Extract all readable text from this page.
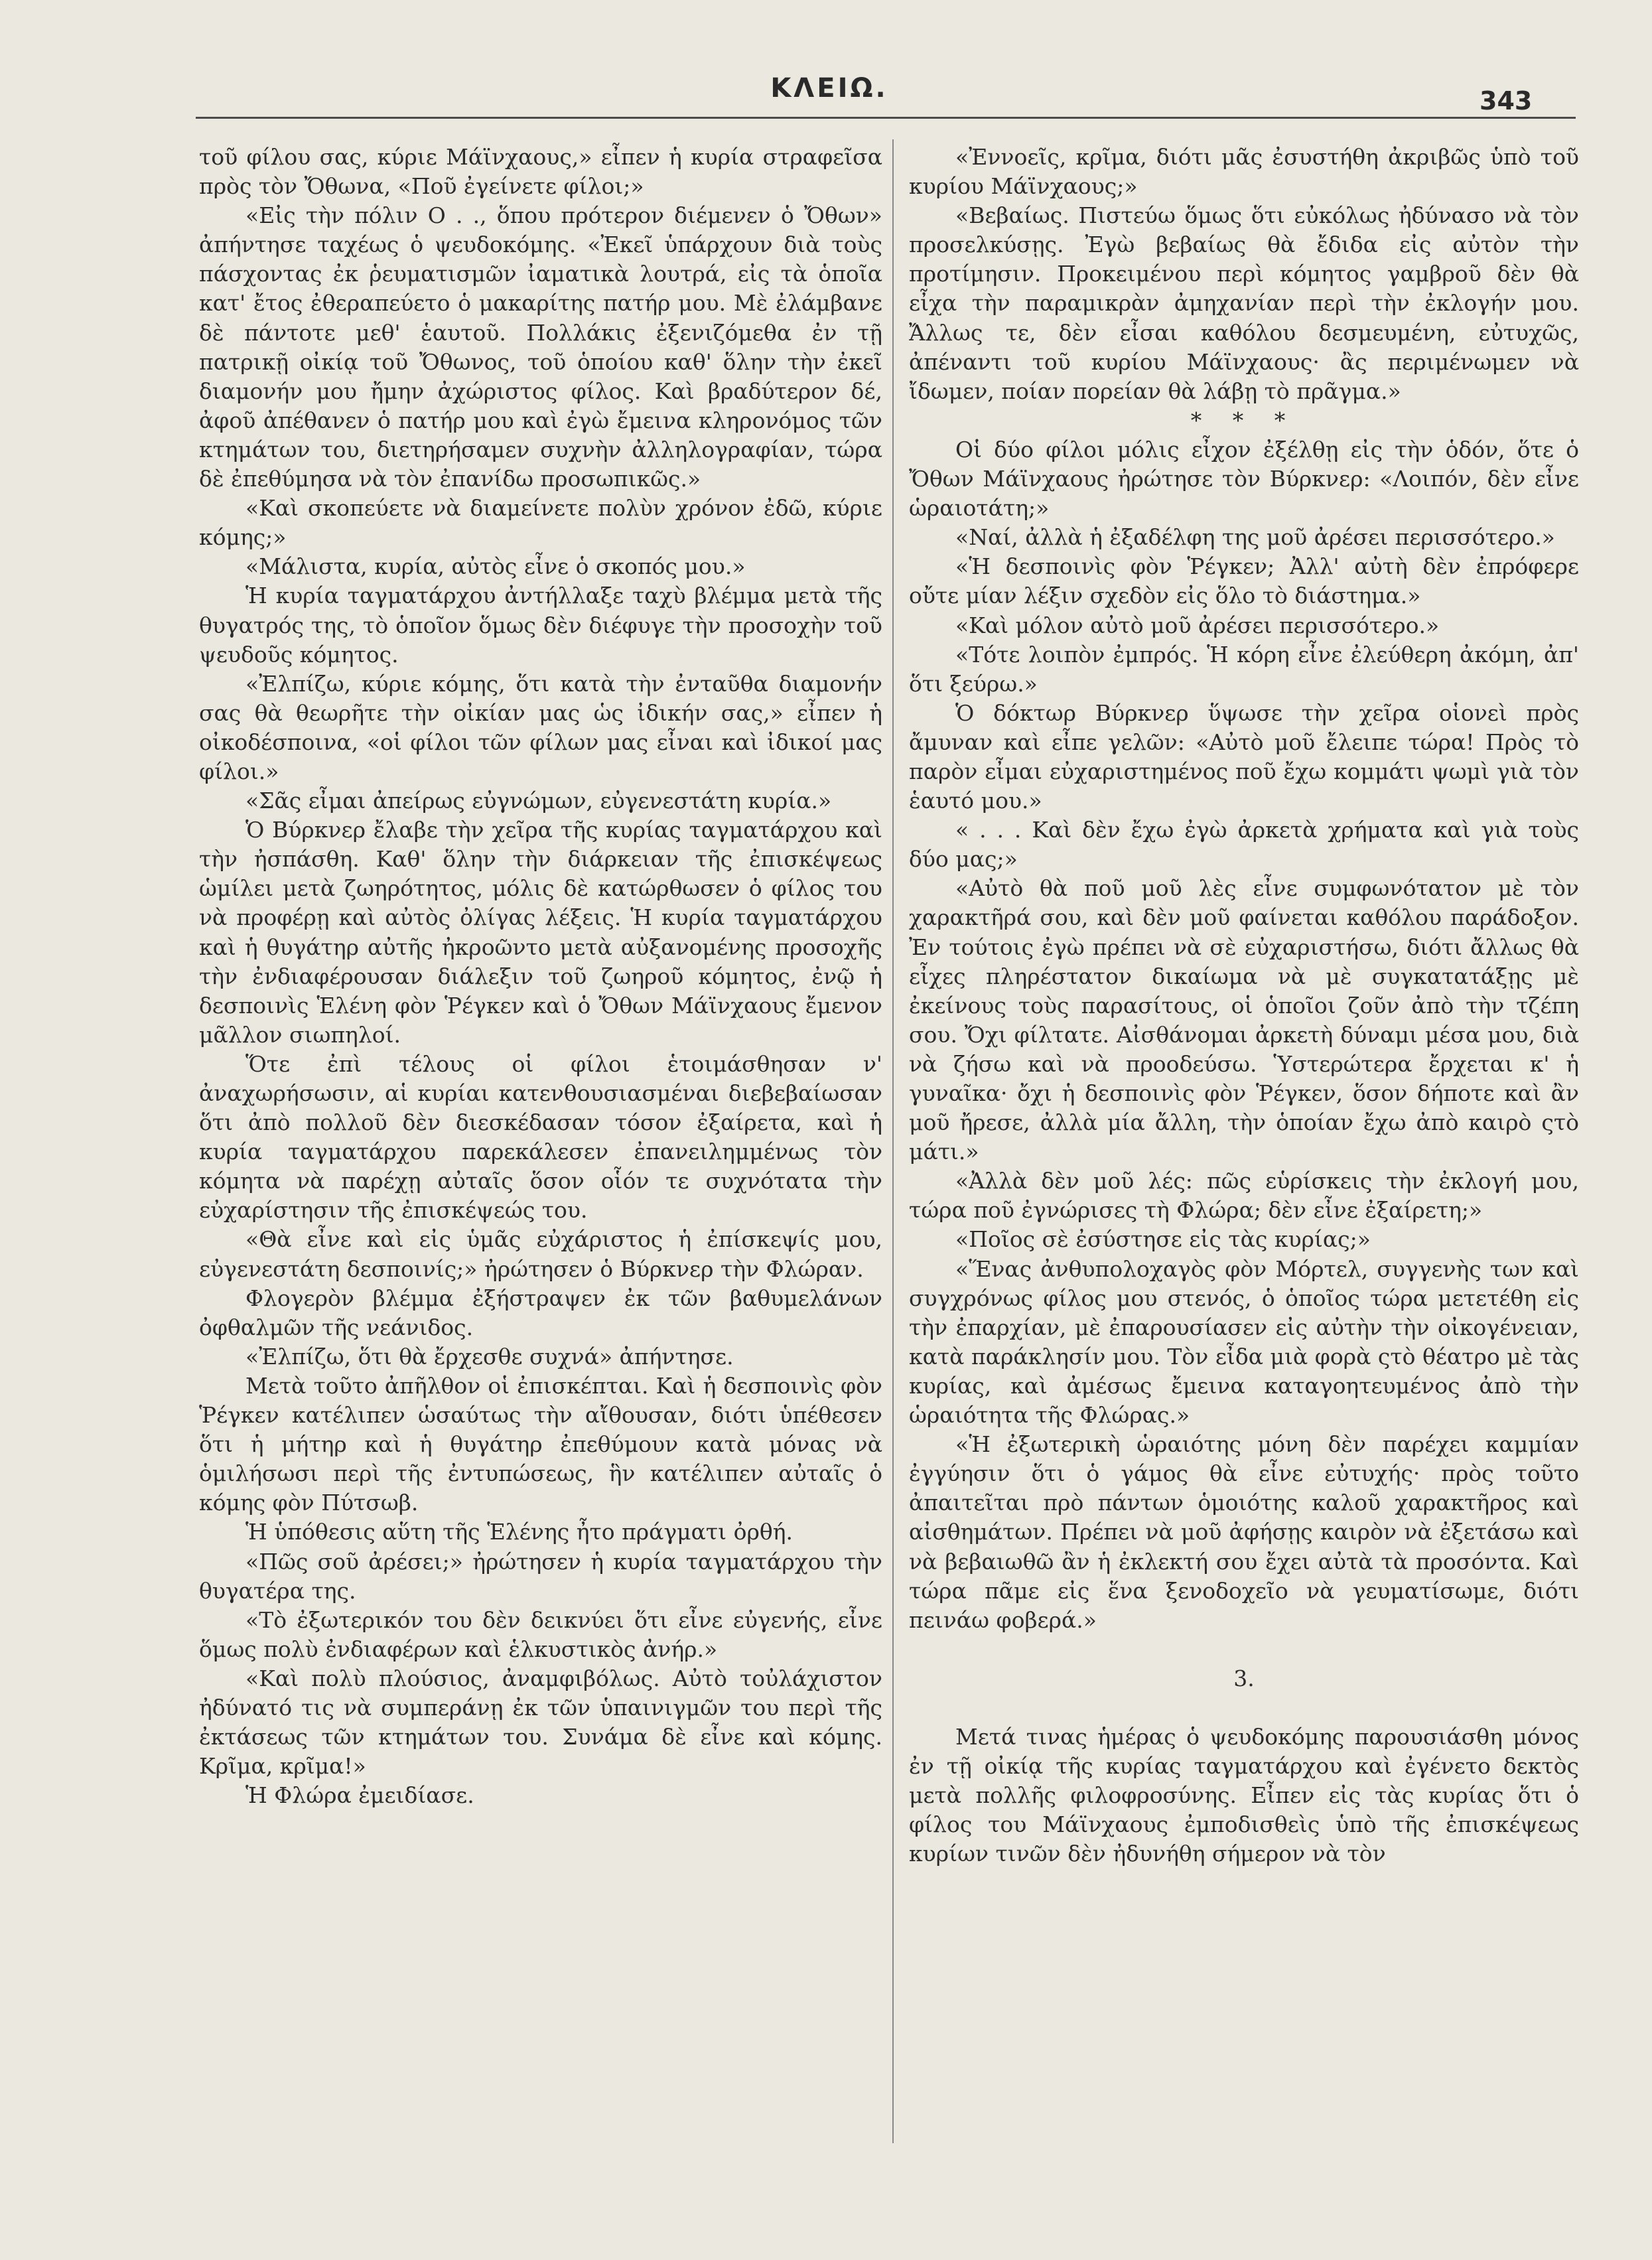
ΚΛΕΙΩ.	343

τοῦ φίλου σας, κύριε Μάϊνχαους,» εἶπεν ἡ κυρία στραφεῖσα πρὸς τὸν Ὄθωνα, «Ποῦ ἐγείνετε φίλοι;»

«Εἰς τὴν πόλιν Ο . ., ὅπου πρότερον διέμενεν ὁ Ὄθων» ἀπήντησε ταχέως ὁ ψευδοκόμης. «Ἐκεῖ ὑπάρχουν διὰ τοὺς πάσχοντας ἐκ ῥευματισμῶν ἰαματικὰ λουτρά, εἰς τὰ ὁποῖα κατ' ἔτος ἐθεραπεύετο ὁ μακαρίτης πατήρ μου. Μὲ ἐλάμβανε δὲ πάντοτε μεθ' ἑαυτοῦ. Πολλάκις ἐξενιζόμεθα ἐν τῇ πατρικῇ οἰκίᾳ τοῦ Ὄθωνος, τοῦ ὁποίου καθ' ὅλην τὴν ἐκεῖ διαμονήν μου ἤμην ἀχώριστος φίλος. Καὶ βραδύτερον δέ, ἀφοῦ ἀπέθανεν ὁ πατήρ μου καὶ ἐγὼ ἔμεινα κληρονόμος τῶν κτημάτων του, διετηρήσαμεν συχνὴν ἀλληλογραφίαν, τώρα δὲ ἐπεθύμησα νὰ τὸν ἐπανίδω προσωπικῶς.»

«Καὶ σκοπεύετε νὰ διαμείνετε πολὺν χρόνον ἐδῶ, κύριε κόμης;»

«Μάλιστα, κυρία, αὐτὸς εἶνε ὁ σκοπός μου.»

Ἡ κυρία ταγματάρχου ἀντήλλαξε ταχὺ βλέμμα μετὰ τῆς θυγατρός της, τὸ ὁποῖον ὅμως δὲν διέφυγε τὴν προσοχὴν τοῦ ψευδοῦς κόμητος.

«Ἐλπίζω, κύριε κόμης, ὅτι κατὰ τὴν ἐνταῦθα διαμονήν σας θὰ θεωρῆτε τὴν οἰκίαν μας ὡς ἰδικήν σας,» εἶπεν ἡ οἰκοδέσποινα, «οἱ φίλοι τῶν φίλων μας εἶναι καὶ ἰδικοί μας φίλοι.»

«Σᾶς εἶμαι ἀπείρως εὐγνώμων, εὐγενεστάτη κυρία.»

Ὁ Βύρκνερ ἔλαβε τὴν χεῖρα τῆς κυρίας ταγματάρχου καὶ τὴν ἠσπάσθη. Καθ' ὅλην τὴν διάρκειαν τῆς ἐπισκέψεως ὡμίλει μετὰ ζωηρότητος, μόλις δὲ κατώρθωσεν ὁ φίλος του νὰ προφέρῃ καὶ αὐτὸς ὀλίγας λέξεις. Ἡ κυρία ταγματάρχου καὶ ἡ θυγάτηρ αὐτῆς ἠκροῶντο μετὰ αὐξανομένης προσοχῆς τὴν ἐνδιαφέρουσαν διάλεξιν τοῦ ζωηροῦ κόμητος, ἐνῷ ἡ δεσποινὶς Ἑλένη φὸν Ῥέγκεν καὶ ὁ Ὄθων Μάϊνχαους ἔμενον μᾶλλον σιωπηλοί.

Ὅτε ἐπὶ τέλους οἱ φίλοι ἑτοιμάσθησαν ν' ἀναχωρήσωσιν, αἱ κυρίαι κατενθουσιασμέναι διεβεβαίωσαν ὅτι ἀπὸ πολλοῦ δὲν διεσκέδασαν τόσον ἐξαίρετα, καὶ ἡ κυρία ταγματάρχου παρεκάλεσεν ἐπανειλημμένως τὸν κόμητα νὰ παρέχῃ αὐταῖς ὅσον οἷόν τε συχνότατα τὴν εὐχαρίστησιν τῆς ἐπισκέψεώς του.

«Θὰ εἶνε καὶ εἰς ὑμᾶς εὐχάριστος ἡ ἐπίσκεψίς μου, εὐγενεστάτη δεσποινίς;» ἠρώτησεν ὁ Βύρκνερ τὴν Φλώραν.

Φλογερὸν βλέμμα ἐξήστραψεν ἐκ τῶν βαθυμελάνων ὀφθαλμῶν τῆς νεάνιδος.

«Ἐλπίζω, ὅτι θὰ ἔρχεσθε συχνά» ἀπήντησε.

Μετὰ τοῦτο ἀπῆλθον οἱ ἐπισκέπται. Καὶ ἡ δεσποινὶς φὸν Ῥέγκεν κατέλιπεν ὡσαύτως τὴν αἴθουσαν, διότι ὑπέθεσεν ὅτι ἡ μήτηρ καὶ ἡ θυγάτηρ ἐπεθύμουν κατὰ μόνας νὰ ὁμιλήσωσι περὶ τῆς ἐντυπώσεως, ἣν κατέλιπεν αὐταῖς ὁ κόμης φὸν Πύτσωβ.

Ἡ ὑπόθεσις αὕτη τῆς Ἑλένης ἦτο πράγματι ὀρθή.

«Πῶς σοῦ ἀρέσει;» ἠρώτησεν ἡ κυρία ταγματάρχου τὴν θυγατέρα της.

«Τὸ ἐξωτερικόν του δὲν δεικνύει ὅτι εἶνε εὐγενής, εἶνε ὅμως πολὺ ἐνδιαφέρων καὶ ἑλκυστικὸς ἀνήρ.»

«Καὶ πολὺ πλούσιος, ἀναμφιβόλως. Αὐτὸ τοὐλάχιστον ἠδύνατό τις νὰ συμπεράνῃ ἐκ τῶν ὑπαινιγμῶν του περὶ τῆς ἐκτάσεως τῶν κτημάτων του. Συνάμα δὲ εἶνε καὶ κόμης. Κρῖμα, κρῖμα!»

Ἡ Φλώρα ἐμειδίασε.

«Ἐννοεῖς, κρῖμα, διότι μᾶς ἐσυστήθη ἀκριβῶς ὑπὸ τοῦ κυρίου Μάϊνχαους;»

«Βεβαίως. Πιστεύω ὅμως ὅτι εὐκόλως ἠδύνασο νὰ τὸν προσελκύσῃς. Ἐγὼ βεβαίως θὰ ἔδιδα εἰς αὐτὸν τὴν προτίμησιν. Προκειμένου περὶ κόμητος γαμβροῦ δὲν θὰ εἶχα τὴν παραμικρὰν ἀμηχανίαν περὶ τὴν ἐκλογήν μου. Ἄλλως τε, δὲν εἶσαι καθόλου δεσμευμένη, εὐτυχῶς, ἀπέναντι τοῦ κυρίου Μάϊνχαους· ἂς περιμένωμεν νὰ ἴδωμεν, ποίαν πορείαν θὰ λάβῃ τὸ πρᾶγμα.»

* * *

Οἱ δύο φίλοι μόλις εἶχον ἐξέλθῃ εἰς τὴν ὁδόν, ὅτε ὁ Ὄθων Μάϊνχαους ἠρώτησε τὸν Βύρκνερ: «Λοιπόν, δὲν εἶνε ὡραιοτάτη;»

«Ναί, ἀλλὰ ἡ ἐξαδέλφη της μοῦ ἀρέσει περισσότερο.»

«Ἡ δεσποινὶς φὸν Ῥέγκεν; Ἀλλ' αὐτὴ δὲν ἐπρόφερε οὔτε μίαν λέξιν σχεδὸν εἰς ὅλο τὸ διάστημα.»

«Καὶ μόλον αὐτὸ μοῦ ἀρέσει περισσότερο.»

«Τότε λοιπὸν ἐμπρός. Ἡ κόρη εἶνε ἐλεύθερη ἀκόμη, ἀπ' ὅτι ξεύρω.»

Ὁ δόκτωρ Βύρκνερ ὕψωσε τὴν χεῖρα οἱονεὶ πρὸς ἄμυναν καὶ εἶπε γελῶν: «Αὐτὸ μοῦ ἔλειπε τώρα! Πρὸς τὸ παρὸν εἶμαι εὐχαριστημένος ποῦ ἔχω κομμάτι ψωμὶ γιὰ τὸν ἑαυτό μου.»

« . . . Καὶ δὲν ἔχω ἐγὼ ἀρκετὰ χρήματα καὶ γιὰ τοὺς δύο μας;»

«Αὐτὸ θὰ ποῦ μοῦ λὲς εἶνε συμφωνότατον μὲ τὸν χαρακτῆρά σου, καὶ δὲν μοῦ φαίνεται καθόλου παράδοξον. Ἐν τούτοις ἐγὼ πρέπει νὰ σὲ εὐχαριστήσω, διότι ἄλλως θὰ εἶχες πληρέστατον δικαίωμα νὰ μὲ συγκατατάξῃς μὲ ἐκείνους τοὺς παρασίτους, οἱ ὁποῖοι ζοῦν ἀπὸ τὴν τζέπη σου. Ὄχι φίλτατε. Αἰσθάνομαι ἀρκετὴ δύναμι μέσα μου, διὰ νὰ ζήσω καὶ νὰ προοδεύσω. Ὑστερώτερα ἔρχεται κ' ἡ γυναῖκα· ὄχι ἡ δεσποινὶς φὸν Ῥέγκεν, ὅσον δήποτε καὶ ἂν μοῦ ἤρεσε, ἀλλὰ μία ἄλλη, τὴν ὁποίαν ἔχω ἀπὸ καιρὸ ςτὸ μάτι.»

«Ἀλλὰ δὲν μοῦ λές: πῶς εὑρίσκεις τὴν ἐκλογή μου, τώρα ποῦ ἐγνώρισες τὴ Φλώρα; δὲν εἶνε ἐξαίρετη;»

«Ποῖος σὲ ἐσύστησε εἰς τὰς κυρίας;»

«Ἕνας ἀνθυπολοχαγὸς φὸν Μόρτελ, συγγενὴς των καὶ συγχρόνως φίλος μου στενός, ὁ ὁποῖος τώρα μετετέθη εἰς τὴν ἐπαρχίαν, μὲ ἐπαρουσίασεν εἰς αὐτὴν τὴν οἰκογένειαν, κατὰ παράκλησίν μου. Τὸν εἶδα μιὰ φορὰ ςτὸ θέατρο μὲ τὰς κυρίας, καὶ ἀμέσως ἔμεινα καταγοητευμένος ἀπὸ τὴν ὡραιότητα τῆς Φλώρας.»

«Ἡ ἐξωτερικὴ ὡραιότης μόνη δὲν παρέχει καμμίαν ἐγγύησιν ὅτι ὁ γάμος θὰ εἶνε εὐτυχής· πρὸς τοῦτο ἀπαιτεῖται πρὸ πάντων ὁμοιότης καλοῦ χαρακτῆρος καὶ αἰσθημάτων. Πρέπει νὰ μοῦ ἀφήσῃς καιρὸν νὰ ἐξετάσω καὶ νὰ βεβαιωθῶ ἂν ἡ ἐκλεκτή σου ἔχει αὐτὰ τὰ προσόντα. Καὶ τώρα πᾶμε εἰς ἕνα ξενοδοχεῖο νὰ γευματίσωμε, διότι πεινάω φοβερά.»

3.

Μετά τινας ἡμέρας ὁ ψευδοκόμης παρουσιάσθη μόνος ἐν τῇ οἰκίᾳ τῆς κυρίας ταγματάρχου καὶ ἐγένετο δεκτὸς μετὰ πολλῆς φιλοφροσύνης. Εἶπεν εἰς τὰς κυρίας ὅτι ὁ φίλος του Μάϊνχαους ἐμποδισθεὶς ὑπὸ τῆς ἐπισκέψεως κυρίων τινῶν δὲν ἠδυνήθη σήμερον νὰ τὸν
